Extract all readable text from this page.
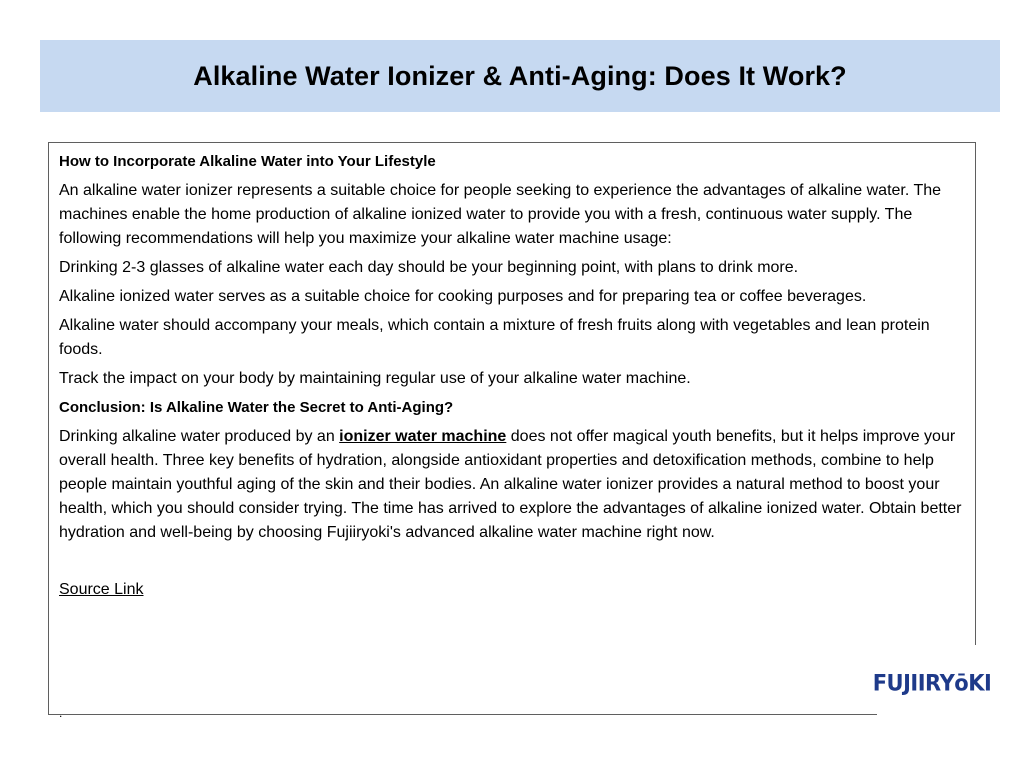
Alkaline Water Ionizer & Anti-Aging: Does It Work?

How to Incorporate Alkaline Water into Your Lifestyle

An alkaline water ionizer represents a suitable choice for people seeking to experience the advantages of alkaline water. The machines enable the home production of alkaline ionized water to provide you with a fresh, continuous water supply. The following recommendations will help you maximize your alkaline water machine usage:

Drinking 2-3 glasses of alkaline water each day should be your beginning point, with plans to drink more.

Alkaline ionized water serves as a suitable choice for cooking purposes and for preparing tea or coffee beverages.

Alkaline water should accompany your meals, which contain a mixture of fresh fruits along with vegetables and lean protein foods.

Track the impact on your body by maintaining regular use of your alkaline water machine.

Conclusion: Is Alkaline Water the Secret to Anti-Aging?

Drinking alkaline water produced by an ionizer water machine does not offer magical youth benefits, but it helps improve your overall health. Three key benefits of hydration, alongside antioxidant properties and detoxification methods, combine to help people maintain youthful aging of the skin and their bodies. An alkaline water ionizer provides a natural method to boost your health, which you should consider trying. The time has arrived to explore the advantages of alkaline ionized water. Obtain better hydration and well-being by choosing Fujiiryoki's advanced alkaline water machine right now.

Source Link

.
FUJIIRYōKI
